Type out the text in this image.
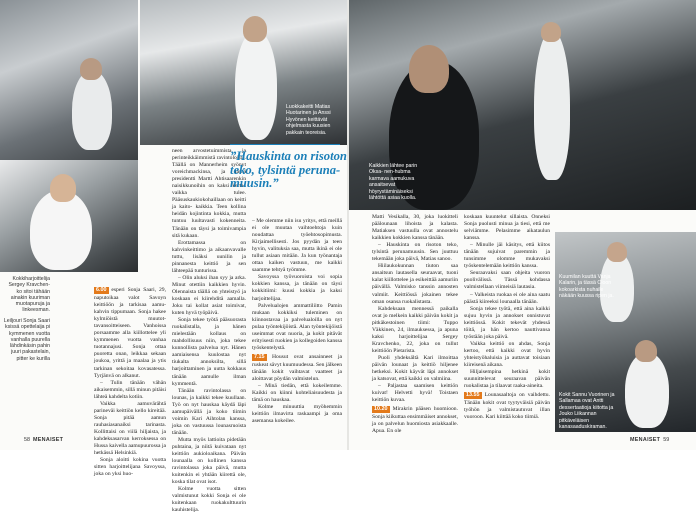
Luokkakeitti Matias Huotarinen ja Anssi Hyvönen keittävät ohjelmasta kuusien pakkain teoreisia.
Kaikkien lähtee parin Oksa- nen-hubma karmava aamukuva ansaitsevat höyrystäminäiseksi lähtöttä asiaa kuolla.
Kuumilan kuuttä Vanja Kalarin, ja tässä Oloon kokoarkista nuhaile näkään kuussa ripen ja.
Kokit Sannu Vuorinen ja Sallamaa ovat Antti dessertaatioja kiitotta ja Jouko Liikannan pitkäveläisen kanasaaduskiraman.
Kokkiharjoittelija Sergey Kravchen- ko sitoi tähään ainakin kuuriman muotapuruja ja linkeesman.
Leiljouri Sonja Saari ksissä opettelaija pi kymmenen vuotta vanhalla puurella lähdinkäsin pahin juuri pakastelain, pitter ke kurilla

6.00 esperi Sonja Saari, 29, naputoikaa valot Savoyn keittiöön ja tarkisaa aamu- kahvin tippumaan. Sonja hakee kylmiöistä muutot- tavansoitteiseen. Vanhoissa porsaamme alla kiillottelee yli kymmenen vuotta vanhaa tuotannajusi. Sonja ottaa puoretta onan, leikkaa sekaan joukoa, yrittä ja maalaa ja ytis tarkinan sekoitaa kovasatessa. Tyrjänvä on alkanut.

– Tulin tänään vähän aikaisemmin, sillä minun pitäisi lähteä kahdelta kotiin.

Vaikka aamuvärähtä parineväi keittiön kello kireitää. Sonja pitää aamun rauhasiasanaiksi tarinasta. Kollittaisi on viilä hiljaista, ja kahdeksasarvan kerroksessa on Hussa kaivella aamupuurossa ja hetkässä Helsinkiä.

Sonja aloitti kokina vuotta sitten harjoittelijana Savoyssa, joka on yksi huo-

neen arvostetuimmista ja perinteikkäimmistä ravintoloista. Täällä on Mannerheim syönyt voreichmackinsa, ja tämä presidentti Martti Ahtisaarenkin naisikkunoihin on kaksi kertaa vaikka tulee. Pääsuskaukiokohaillaan on keitti ja kaito- kaikkia. Teen kollina heidän kojintinta kokkia, mutta tuntuu luultavasti kokenneita. Tänään on täysi ja toimivampia sitä kukaan.

Erottamassa on kahvinkeittimo ja aikaanvavalle tuttu, lisäksi uunilin ja pinnanesta keittiö ja sen lähteepää tunturissa.

– Olin aluksi ihan syy ja arka. Minut otettiin kaikkien hyvin. Olennaista täällä on yhteistyö ja koskaan ei kiirehditä aamalla. Joku tai kollat asiat toimivat, kuten hyvä työpäivä.

Sonja tekee työtä pääsuorasta ruokalistalla, ja hänen mielestään kollaus on mahdollisuus niin, joka tekee kunnollista palvelua nyt. Hänen aamiaisensa kuulostaa nyt tiukalta annoksilta, sillä harjoittaminen ja uutta kokkaus tänään aamulle ilman kymmentä.

Tänään ravintolassa on lounas, ja kaikki tekee kuullaan. Työ on nyt hauskaa käydä läpi aamupäivällä ja koko tiimin voimin Kari Aihtolan kanssa, joka on vastuussa lounasruoista tänään.

Mutta myös lattioita pidetään puhtaina, ja niitä kuivataan nyt keittiön aukioloaikana. Päivän lounaalla on kollinen kanssa ravintolassa joka päivä, mutta kuitenkin ei yhtään kiirettä ole, koska tilat ovat isot.

Kolme vuotta sitten valmistunut kokki Sonja ei ole kuitenkaan ruokakulttuurin kauhistelija.

”Hauskinta on risoton teko, tylsintä peruna- muusin.”

– Me olemme niin isu yritys, että meillä ei ole muutaa vaihtoehtoja kuin noudattaa työehtosopimusta. Kirjaimellisesti. Jos pyydän ja teen hyvin, valituksia saa, mutta ikinä ei ole tullut asiaan mitään. Ja kun työnantaja ottaa kaiken vastuun, me kaikki saamme tehtyä työmme.

Savoyssa työvuoroista voi sopia kokkien kanssa, ja tänään on täysi kokkitiimi: kuusi kokkia ja kaksi harjoittelijaa.

Palvelualojen ammattiliitto Pamin mukaan kokkiksi tuleminen on kiinnostavaa ja palvelualoilla on nyt pulaa työntekijöistä. Alan työntekijöistä useimmat ovat nuoria, ja kokit pitävät erityisesti ruokien ja kollegoiden kanssa työskentelystä.

7.15 Housut ovat ansainneet ja ruskeat sävyt kuumuudessa. Sen jälkeen tänään kokit vaihtavat vaatteet ja aloittavat pöydän valmistelun.

– Minä tiedän, että kokeilemme. Kaikki on kiinni kohteliaisuudesta ja tämä on hauskaa.

Kolme minuuttia myöhemmin keittiön ilmavirta raskaampi ja oma asemansa kokeilee.

Matti Vesikalla, 30, joka luokitteli päälounaan lihoista ja kalasta. Matiaksen vastuulla ovat annostelu kaikkien kokkien kanssa tänään.

– Hauskinta on risoton teko, tylsintä perunamuusin. Sen juuttuu tekemään joka päivä, Matias sanoo.

Hiilaukokunnan tiuton saa ansaitsun lautasella seuraavat, tuoni kalat kiillottelee ja esikeittää aamuriin päivällä. Valmisko tanssin annosten valmiit. Keittiössä jokainen tekee oman osansa ruokalistasta.

Kahdeksaan mennessä paikalla ovat jo melkein kaikki päivän kokit ja pitkäkestoinen tiimi: Tuppo Väkkinen, 24, ilmauksessa, ja apuna kaksi harjoittelijaa Sergey Kravchenko, 22, joka on tullut keittiöön Pietarista.

Puoli yhdeksältä Kari ilmoittaa päivän lounaat ja keittiö hiljenee hetkeksi. Kokit käyvät läpi annokset ja katsovat, että kaikki on valmiina.

– Paljastaa saamisen keittiön kuivat! Helvetti hyvä! Toistaen keittiön kuvaa.

10.20 Mirakrin pääsen huomioon. Sonja kiikuttaa ensimmäiset annokset, ja on palvelun huomiosta asiakkaalle. Apua. En ole

koskaan kuuntelut sillaista. Onneksi Sonja puolusti minua ja tiesi, että me selviämme. Pelasimme aikataulun kanssa.

– Minulle jäi käsitys, että kiitos tänään sujuivat paremmin ja tunsimme olomme mukavaksi työskentelemään keittiön kanssa.

Seuraavaksi saan ohjeita vuoron puolivälissä. Tässä kohdassa valmistellaan viimeisiä lautasia.

– Valkeista ruokaa ei ole aina saatu päästä kiireeksi lounaalla tänään.

Sonja tekee työtä, että aina kaikki sujuu hyvin ja annokset onnistuvat keittiössä. Kokit tekevät yhdessä töitä, ja hän kertoo nauttivansa työstään joka päivä.

Vaikka keittiö on ahdas, Sonja kertoo, että kaikki ovat hyvin yhteistyöhaluisia ja auttavat toisiaan kiireisenä aikana.

Hiljaisempina hetkinä kokit suunnittelevat seuraavan päivän ruokalistaa ja tilaavat raaka-aineita.

13.55 Lounasaaltoja on vaihdettu. Tänään kokit ovat tyytyväisiä päivän työhön ja valmistautuvat illan vuoroon. Kari kiittää koko tiimiä.

58 MENAISET	MENAISET 59
